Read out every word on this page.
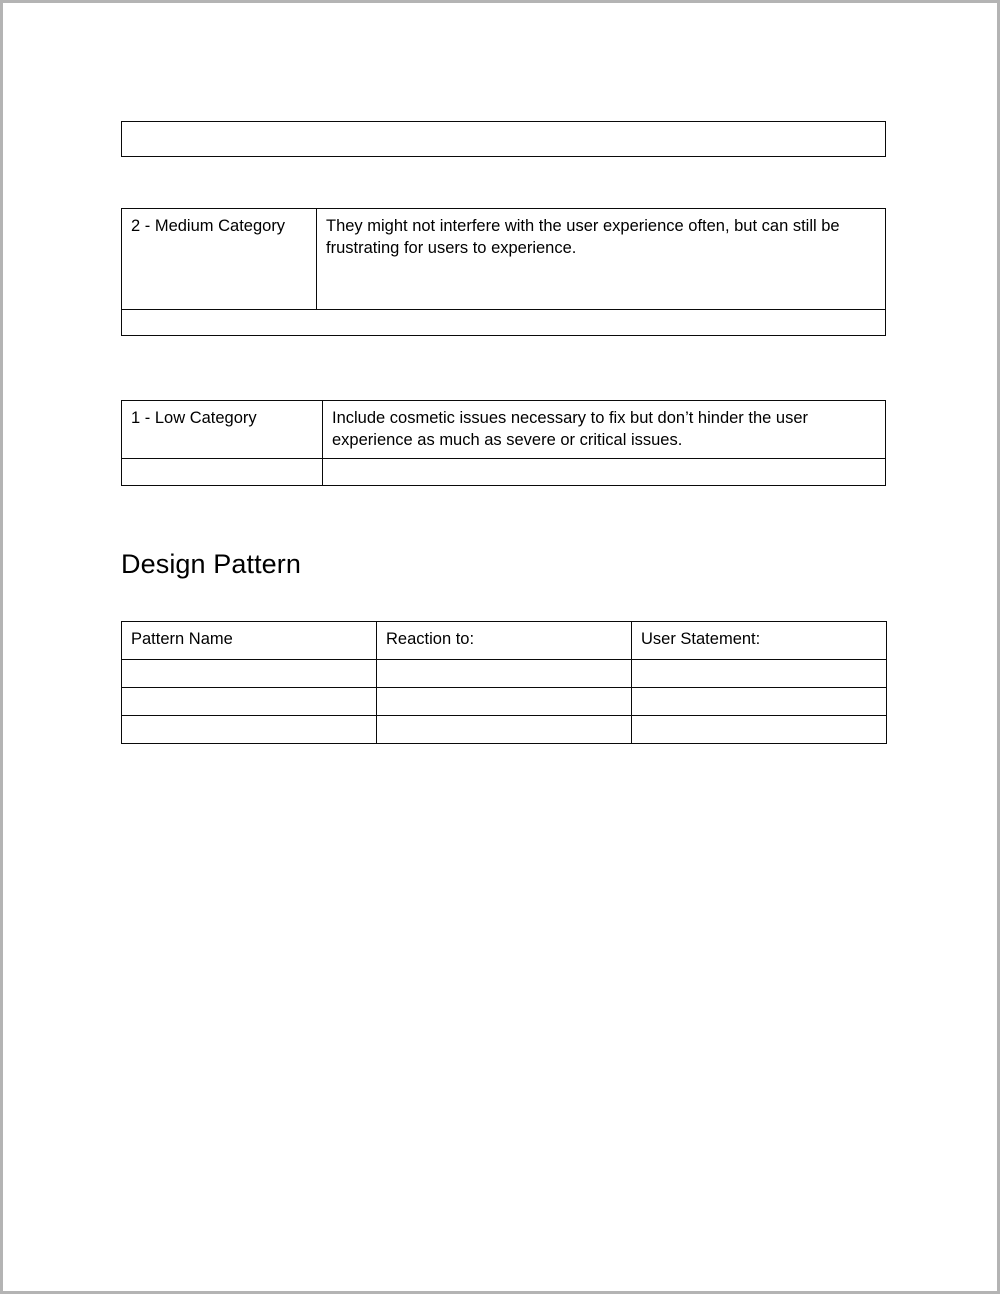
2 - Medium Category	They might not interfere with the user experience often, but can still be frustrating for users to experience.

1 - Low Category	Include cosmetic issues necessary to fix but don’t hinder the user experience as much as severe or critical issues.

Design Pattern
Pattern Name	Reaction to:	User Statement:
